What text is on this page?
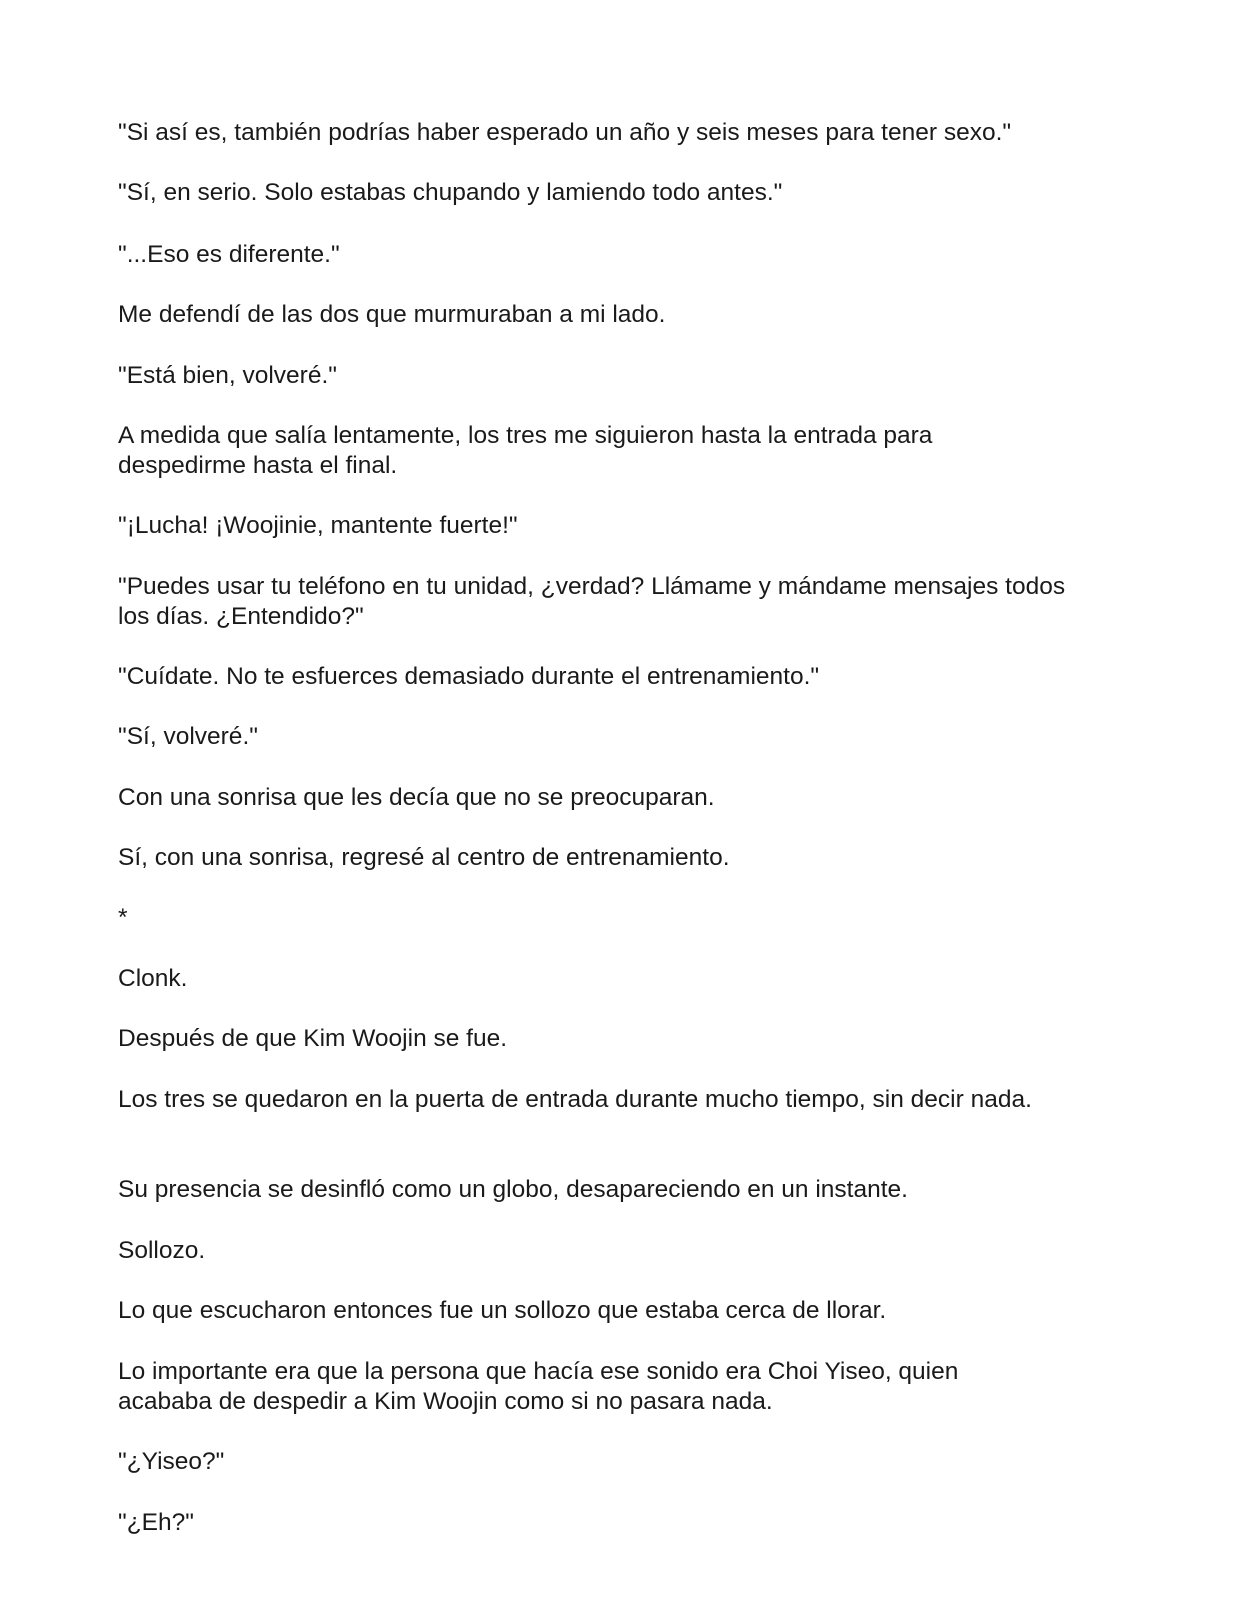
"Si así es, también podrías haber esperado un año y seis meses para tener sexo."

"Sí, en serio. Solo estabas chupando y lamiendo todo antes."

"...Eso es diferente."

Me defendí de las dos que murmuraban a mi lado.

"Está bien, volveré."

A medida que salía lentamente, los tres me siguieron hasta la entrada para despedirme hasta el final.

"¡Lucha! ¡Woojinie, mantente fuerte!"

"Puedes usar tu teléfono en tu unidad, ¿verdad? Llámame y mándame mensajes todos los días. ¿Entendido?"

"Cuídate. No te esfuerces demasiado durante el entrenamiento."

"Sí, volveré."

Con una sonrisa que les decía que no se preocuparan.

Sí, con una sonrisa, regresé al centro de entrenamiento.

*

Clonk.

Después de que Kim Woojin se fue.

Los tres se quedaron en la puerta de entrada durante mucho tiempo, sin decir nada.

Su presencia se desinfló como un globo, desapareciendo en un instante.

Sollozo.

Lo que escucharon entonces fue un sollozo que estaba cerca de llorar.

Lo importante era que la persona que hacía ese sonido era Choi Yiseo, quien acababa de despedir a Kim Woojin como si no pasara nada.

"¿Yiseo?"

"¿Eh?"
